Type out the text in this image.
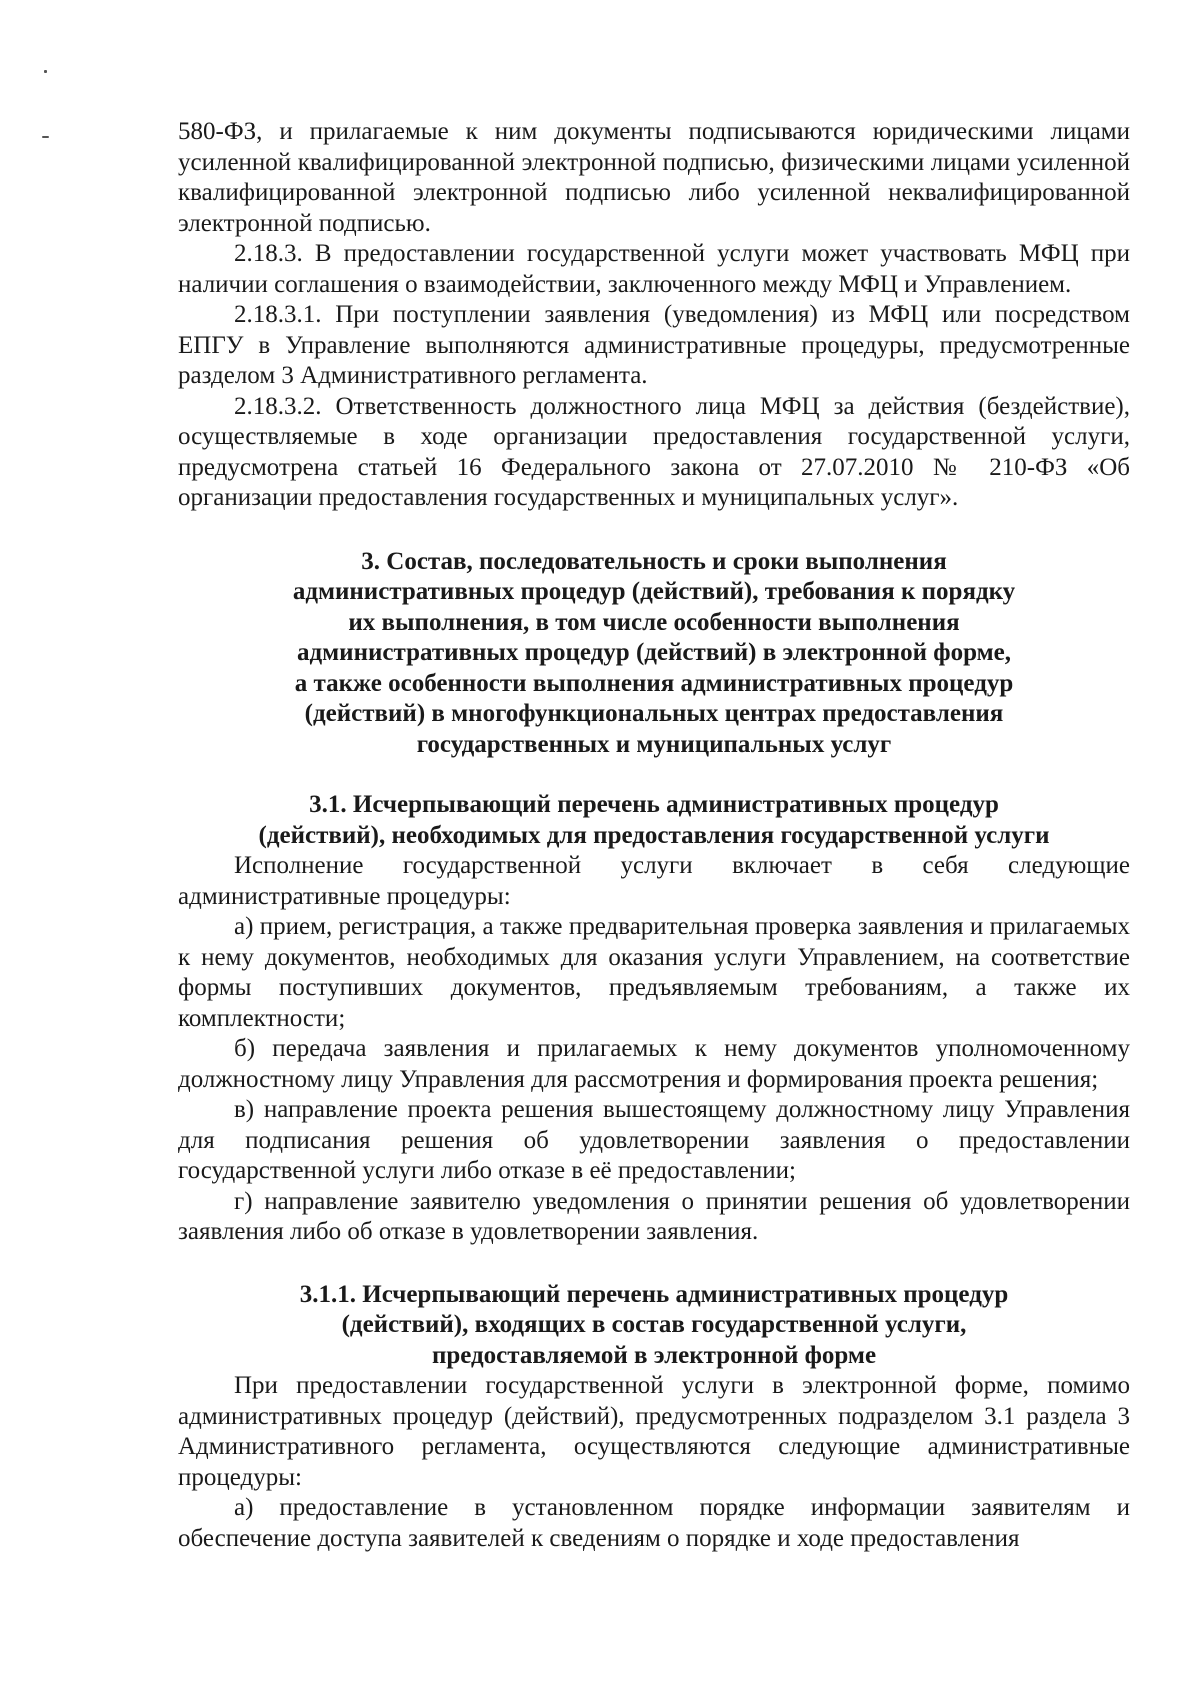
580-ФЗ, и прилагаемые к ним документы подписываются юридическими лицами усиленной квалифицированной электронной подписью, физическими лицами усиленной квалифицированной электронной подписью либо усиленной неквалифицированной электронной подписью.

2.18.3. В предоставлении государственной услуги может участвовать МФЦ при наличии соглашения о взаимодействии, заключенного между МФЦ и Управлением.

2.18.3.1. При поступлении заявления (уведомления) из МФЦ или посредством ЕПГУ в Управление выполняются административные процедуры, предусмотренные разделом 3 Административного регламента.

2.18.3.2. Ответственность должностного лица МФЦ за действия (бездействие), осуществляемые в ходе организации предоставления государственной услуги, предусмотрена статьей 16 Федерального закона от 27.07.2010 № 210-ФЗ «Об организации предоставления государственных и муниципальных услуг».

3. Состав, последовательность и сроки выполнения

административных процедур (действий), требования к порядку

их выполнения, в том числе особенности выполнения

административных процедур (действий) в электронной форме,

а также особенности выполнения административных процедур

(действий) в многофункциональных центрах предоставления

государственных и муниципальных услуг

3.1. Исчерпывающий перечень административных процедур

(действий), необходимых для предоставления государственной услуги

Исполнение государственной услуги включает в себя следующие административные процедуры:

а) прием, регистрация, а также предварительная проверка заявления и прилагаемых к нему документов, необходимых для оказания услуги Управлением, на соответствие формы поступивших документов, предъявляемым требованиям, а также их комплектности;

б) передача заявления и прилагаемых к нему документов уполномоченному должностному лицу Управления для рассмотрения и формирования проекта решения;

в) направление проекта решения вышестоящему должностному лицу Управления для подписания решения об удовлетворении заявления о предоставлении государственной услуги либо отказе в её предоставлении;

г) направление заявителю уведомления о принятии решения об удовлетворении заявления либо об отказе в удовлетворении заявления.

3.1.1. Исчерпывающий перечень административных процедур

(действий), входящих в состав государственной услуги,

предоставляемой в электронной форме

При предоставлении государственной услуги в электронной форме, помимо административных процедур (действий), предусмотренных подразделом 3.1 раздела 3 Административного регламента, осуществляются следующие административные процедуры:

а) предоставление в установленном порядке информации заявителям и обеспечение доступа заявителей к сведениям о порядке и ходе предоставления
